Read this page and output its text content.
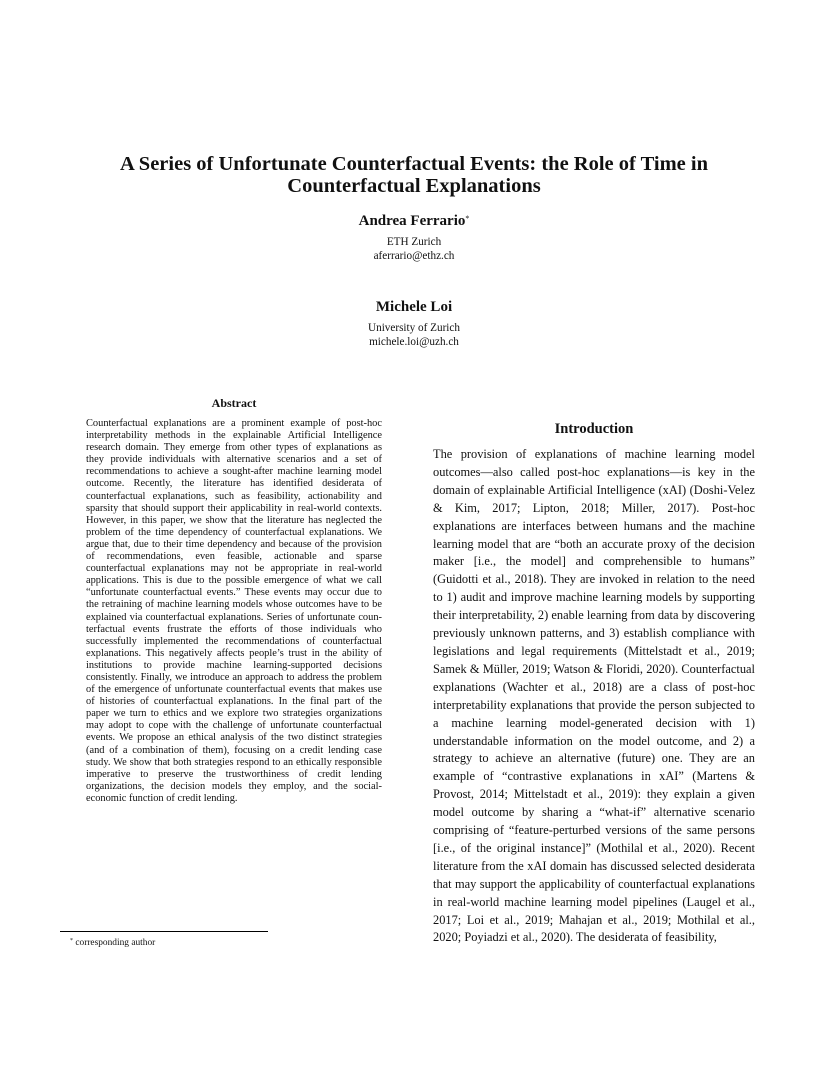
A Series of Unfortunate Counterfactual Events: the Role of Time in Counterfactual Explanations
Andrea Ferrario*
ETH Zurich
aferrario@ethz.ch
Michele Loi
University of Zurich
michele.loi@uzh.ch
Abstract
Counterfactual explanations are a prominent example of post-hoc interpretability methods in the explainable Artificial Intelligence research domain. They emerge from other types of explanations as they provide individuals with alternative scenarios and a set of recommendations to achieve a sought-after machine learning model outcome. Recently, the literature has identified desiderata of counterfactual explanations, such as feasibility, actionability and sparsity that should support their applicability in real-world contexts. However, in this paper, we show that the literature has neglected the problem of the time dependency of counterfactual explanations. We argue that, due to their time dependency and because of the provision of recommendations, even feasible, actionable and sparse counterfactual explanations may not be appropriate in real-world applications. This is due to the possible emergence of what we call “unfortunate counterfactual events.” These events may occur due to the retraining of machine learning models whose outcomes have to be explained via counterfactual explanations. Series of unfortunate counterfactual events frustrate the efforts of those individuals who successfully implemented the recommendations of counterfactual explanations. This negatively affects people’s trust in the ability of institutions to provide machine learning-supported decisions consistently. Finally, we introduce an approach to address the problem of the emergence of unfortunate counterfactual events that makes use of histories of counterfactual explanations. In the final part of the paper we turn to ethics and we explore two strategies organizations may adopt to cope with the challenge of unfortunate counterfactual events. We propose an ethical analysis of the two distinct strategies (and of a combination of them), focusing on a credit lending case study. We show that both strategies respond to an ethically responsible imperative to preserve the trustworthiness of credit lending organizations, the decision models they employ, and the social-economic function of credit lending.
* corresponding author
Introduction
The provision of explanations of machine learning model outcomes—also called post-hoc explanations—is key in the domain of explainable Artificial Intelligence (xAI) (Doshi-Velez & Kim, 2017; Lipton, 2018; Miller, 2017). Post-hoc explanations are interfaces between humans and the machine learning model that are “both an accurate proxy of the decision maker [i.e., the model] and comprehensible to humans” (Guidotti et al., 2018). They are invoked in relation to the need to 1) audit and improve machine learning models by supporting their interpretability, 2) enable learning from data by discovering previously unknown patterns, and 3) establish compliance with legislations and legal requirements (Mittelstadt et al., 2019; Samek & Müller, 2019; Watson & Floridi, 2020). Counterfactual explanations (Wachter et al., 2018) are a class of post-hoc interpretability explanations that provide the person subjected to a machine learning model-generated decision with 1) understandable information on the model outcome, and 2) a strategy to achieve an alternative (future) one. They are an example of “contrastive explanations in xAI” (Martens & Provost, 2014; Mittelstadt et al., 2019): they explain a given model outcome by sharing a “what-if” alternative scenario comprising of “feature-perturbed versions of the same persons [i.e., of the original instance]” (Mothilal et al., 2020). Recent literature from the xAI domain has discussed selected desiderata that may support the applicability of counterfactual explanations in real-world machine learning model pipelines (Laugel et al., 2017; Loi et al., 2019; Mahajan et al., 2019; Mothilal et al., 2020; Poyiadzi et al., 2020). The desiderata of feasibility,
